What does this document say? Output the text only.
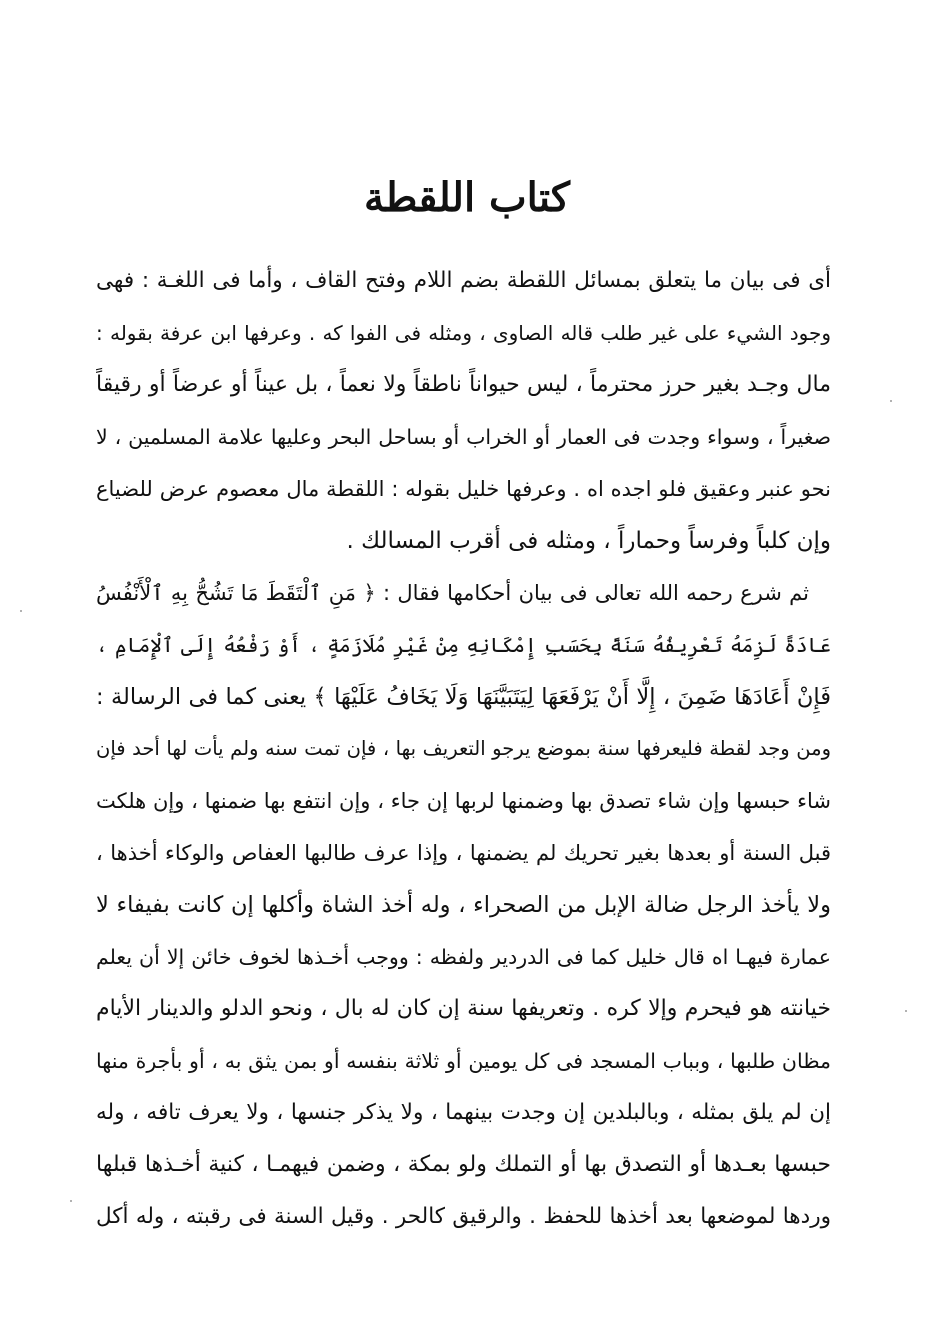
كتاب اللقطة
أى فى بيان ما يتعلق بمسائل اللقطة بضم اللام وفتح القاف ، وأما فى اللغـة : فهى
وجود الشيء على غير طلب قاله الصاوى ، ومثله فى الفوا كه . وعرفها ابن عرفة بقوله :
مال وجـد بغير حرز محترماً ، ليس حيواناً ناطقاً ولا نعماً ، بل عيناً أو عرضاً أو رقيقاً
صغيراً ، وسواء وجدت فى العمار أو الخراب أو بساحل البحر وعليها علامة المسلمين ، لا
نحو عنبر وعقيق فلو اجده اه . وعرفها خليل بقوله : اللقطة مال معصوم عرض للضياع
وإن كلباً وفرساً وحماراً ، ومثله فى أقرب المسالك .
ثم شرع رحمه الله تعالى فى بيان أحكامها فقال : ﴿ مَنِ ٱلْتَقَطَ مَا تَشُحُّ بِهِ ٱلْأَنْفُسُ
عَادَةً لَزِمَهُ تَعْرِيفُهُ سَنَةً بِحَسَبِ إِمْكَانِهِ مِنْ غَيْرِ مُلَازَمَةٍ ، أَوْ رَفْعُهُ إِلَى ٱلْإِمَامِ ،
فَإِنْ أَعَادَهَا ضَمِنَ ، إِلَّا أَنْ يَرْفَعَهَا لِيَتَبَيَّنَهَا وَلَا يَخَافُ عَلَيْهَا ﴾ يعنى كما فى الرسالة :
ومن وجد لقطة فليعرفها سنة بموضع يرجو التعريف بها ، فإن تمت سنه ولم يأت لها أحد فإن
شاء حبسها وإن شاء تصدق بها وضمنها لربها إن جاء ، وإن انتفع بها ضمنها ، وإن هلكت
قبل السنة أو بعدها بغير تحريك لم يضمنها ، وإذا عرف طالبها العفاص والوكاء أخذها ،
ولا يأخذ الرجل ضالة الإبل من الصحراء ، وله أخذ الشاة وأكلها إن كانت بفيفاء لا
عمارة فيهـا اه قال خليل كما فى الدردير ولفظه : ووجب أخـذها لخوف خائن إلا أن يعلم
خيانته هو فيحرم وإلا كره . وتعريفها سنة إن كان له بال ، ونحو الدلو والدينار الأيام
مظان طلبها ، وبباب المسجد فى كل يومين أو ثلاثة بنفسه أو بمن يثق به ، أو بأجرة منها
إن لم يلق بمثله ، وبالبلدين إن وجدت بينهما ، ولا يذكر جنسها ، ولا يعرف تافه ، وله
حبسها بعـدها أو التصدق بها أو التملك ولو بمكة ، وضمن فيهمـا ، كنية أخـذها قبلها
وردها لموضعها بعد أخذها للحفظ . والرقيق كالحر . وقيل السنة فى رقبته ، وله أكل
